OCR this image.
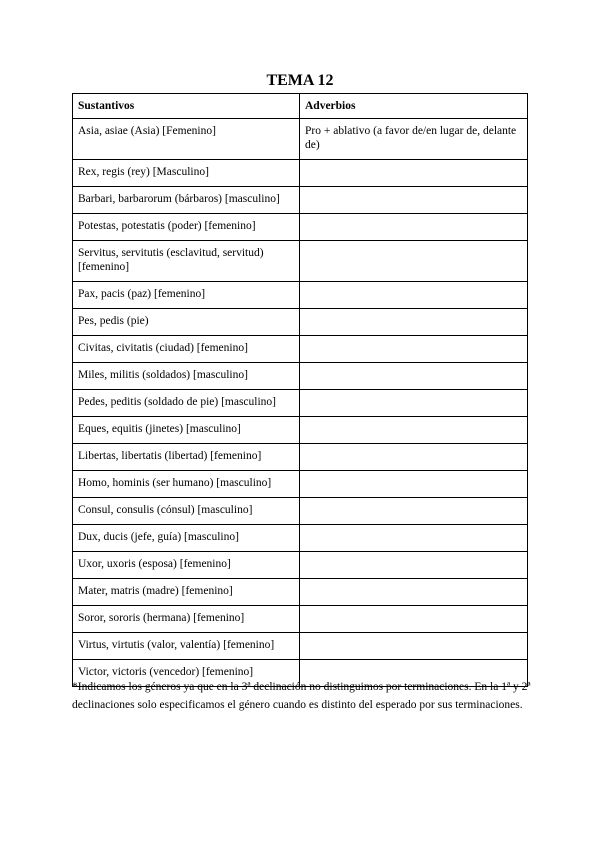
TEMA 12
Sustantivos	Adverbios
Asia, asiae (Asia) [Femenino]	Pro + ablativo (a favor de/en lugar de, delante de)
Rex, regis (rey) [Masculino]	
Barbari, barbarorum (bárbaros) [masculino]	
Potestas, potestatis (poder) [femenino]	
Servitus, servitutis (esclavitud, servitud) [femenino]	
Pax, pacis (paz) [femenino]	
Pes, pedis (pie)	
Civitas, civitatis (ciudad) [femenino]	
Miles, militis (soldados) [masculino]	
Pedes, peditis (soldado de pie) [masculino]	
Eques, equitis (jinetes) [masculino]	
Libertas, libertatis (libertad) [femenino]	
Homo, hominis (ser humano) [masculino]	
Consul, consulis (cónsul) [masculino]	
Dux, ducis (jefe, guía) [masculino]	
Uxor, uxoris (esposa) [femenino]	
Mater, matris (madre) [femenino]	
Soror, sororis (hermana) [femenino]	
Virtus, virtutis (valor, valentía) [femenino]	
Victor, victoris (vencedor) [femenino]	
*Indicamos los géneros ya que en la 3ª declinación no distinguimos por terminaciones. En la 1ª y 2ª declinaciones solo especificamos el género cuando es distinto del esperado por sus terminaciones.
